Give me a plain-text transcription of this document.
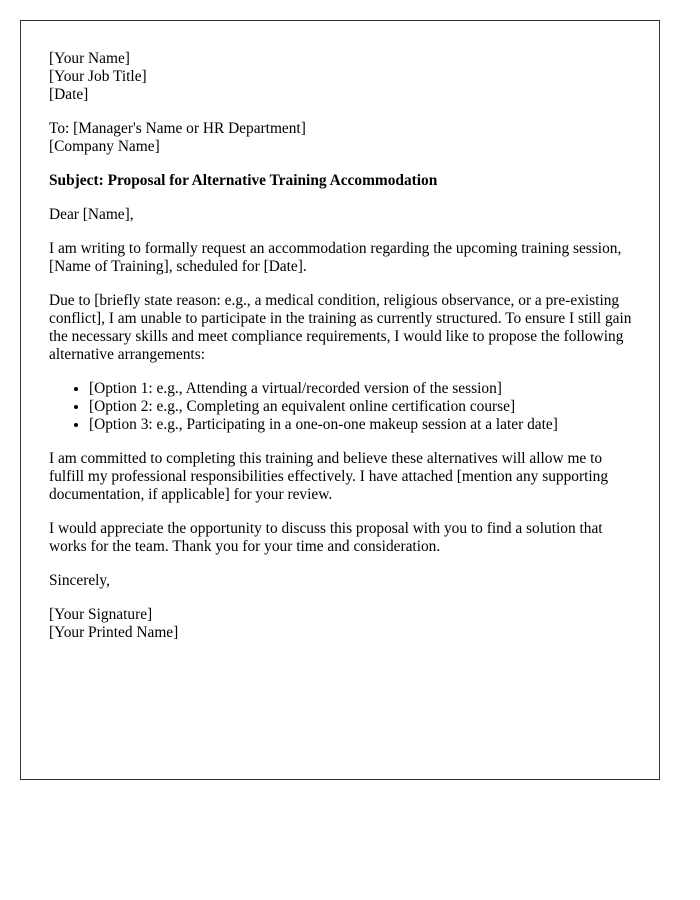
[Your Name]
[Your Job Title]
[Date]
To: [Manager's Name or HR Department]
[Company Name]
Subject: Proposal for Alternative Training Accommodation

Dear [Name],

I am writing to formally request an accommodation regarding the upcoming training session, [Name of Training], scheduled for [Date].

Due to [briefly state reason: e.g., a medical condition, religious observance, or a pre-existing conflict], I am unable to participate in the training as currently structured. To ensure I still gain the necessary skills and meet compliance requirements, I would like to propose the following alternative arrangements:

• [Option 1: e.g., Attending a virtual/recorded version of the session]
• [Option 2: e.g., Completing an equivalent online certification course]
• [Option 3: e.g., Participating in a one-on-one makeup session at a later date]

I am committed to completing this training and believe these alternatives will allow me to fulfill my professional responsibilities effectively. I have attached [mention any supporting documentation, if applicable] for your review.

I would appreciate the opportunity to discuss this proposal with you to find a solution that works for the team. Thank you for your time and consideration.

Sincerely,

[Your Signature]
[Your Printed Name]
